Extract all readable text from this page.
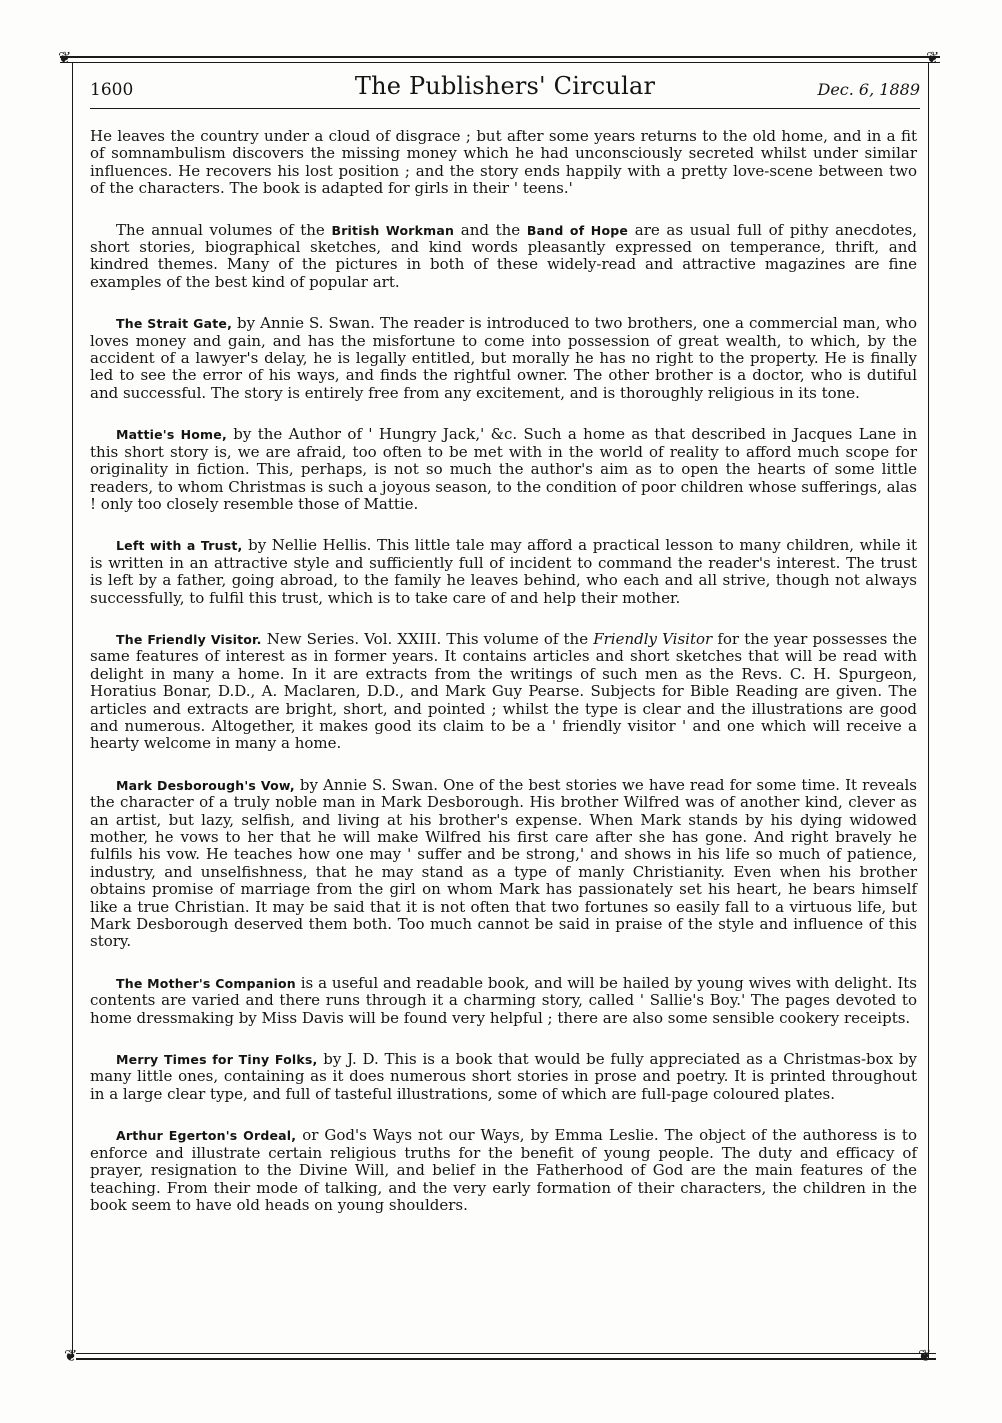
❦	❦
❦	❦
1600	The Publishers' Circular	Dec. 6, 1889

He leaves the country under a cloud of disgrace ; but after some years returns to the old home, and in a fit of somnambulism discovers the missing money which he had unconsciously secreted whilst under similar influences. He recovers his lost position ; and the story ends happily with a pretty love-scene between two of the characters. The book is adapted for girls in their ' teens.'

The annual volumes of the British Workman and the Band of Hope are as usual full of pithy anecdotes, short stories, biographical sketches, and kind words pleasantly expressed on temperance, thrift, and kindred themes. Many of the pictures in both of these widely-read and attractive magazines are fine examples of the best kind of popular art.

The Strait Gate, by Annie S. Swan. The reader is introduced to two brothers, one a commercial man, who loves money and gain, and has the misfortune to come into possession of great wealth, to which, by the accident of a lawyer's delay, he is legally entitled, but morally he has no right to the property. He is finally led to see the error of his ways, and finds the rightful owner. The other brother is a doctor, who is dutiful and successful. The story is entirely free from any excitement, and is thoroughly religious in its tone.

Mattie's Home, by the Author of ' Hungry Jack,' &c. Such a home as that described in Jacques Lane in this short story is, we are afraid, too often to be met with in the world of reality to afford much scope for originality in fiction. This, perhaps, is not so much the author's aim as to open the hearts of some little readers, to whom Christmas is such a joyous season, to the condition of poor children whose sufferings, alas ! only too closely resemble those of Mattie.

Left with a Trust, by Nellie Hellis. This little tale may afford a practical lesson to many children, while it is written in an attractive style and sufficiently full of incident to command the reader's interest. The trust is left by a father, going abroad, to the family he leaves behind, who each and all strive, though not always successfully, to fulfil this trust, which is to take care of and help their mother.

The Friendly Visitor. New Series. Vol. XXIII. This volume of the Friendly Visitor for the year possesses the same features of interest as in former years. It contains articles and short sketches that will be read with delight in many a home. In it are extracts from the writings of such men as the Revs. C. H. Spurgeon, Horatius Bonar, D.D., A. Maclaren, D.D., and Mark Guy Pearse. Subjects for Bible Reading are given. The articles and extracts are bright, short, and pointed ; whilst the type is clear and the illustrations are good and numerous. Altogether, it makes good its claim to be a ' friendly visitor ' and one which will receive a hearty welcome in many a home.

Mark Desborough's Vow, by Annie S. Swan. One of the best stories we have read for some time. It reveals the character of a truly noble man in Mark Desborough. His brother Wilfred was of another kind, clever as an artist, but lazy, selfish, and living at his brother's expense. When Mark stands by his dying widowed mother, he vows to her that he will make Wilfred his first care after she has gone. And right bravely he fulfils his vow. He teaches how one may ' suffer and be strong,' and shows in his life so much of patience, industry, and unselfishness, that he may stand as a type of manly Christianity. Even when his brother obtains promise of marriage from the girl on whom Mark has passionately set his heart, he bears himself like a true Christian. It may be said that it is not often that two fortunes so easily fall to a virtuous life, but Mark Desborough deserved them both. Too much cannot be said in praise of the style and influence of this story.

The Mother's Companion is a useful and readable book, and will be hailed by young wives with delight. Its contents are varied and there runs through it a charming story, called ' Sallie's Boy.' The pages devoted to home dressmaking by Miss Davis will be found very helpful ; there are also some sensible cookery receipts.

Merry Times for Tiny Folks, by J. D. This is a book that would be fully appreciated as a Christmas-box by many little ones, containing as it does numerous short stories in prose and poetry. It is printed throughout in a large clear type, and full of tasteful illustrations, some of which are full-page coloured plates.

Arthur Egerton's Ordeal, or God's Ways not our Ways, by Emma Leslie. The object of the authoress is to enforce and illustrate certain religious truths for the benefit of young people. The duty and efficacy of prayer, resignation to the Divine Will, and belief in the Fatherhood of God are the main features of the teaching. From their mode of talking, and the very early formation of their characters, the children in the book seem to have old heads on young shoulders.
